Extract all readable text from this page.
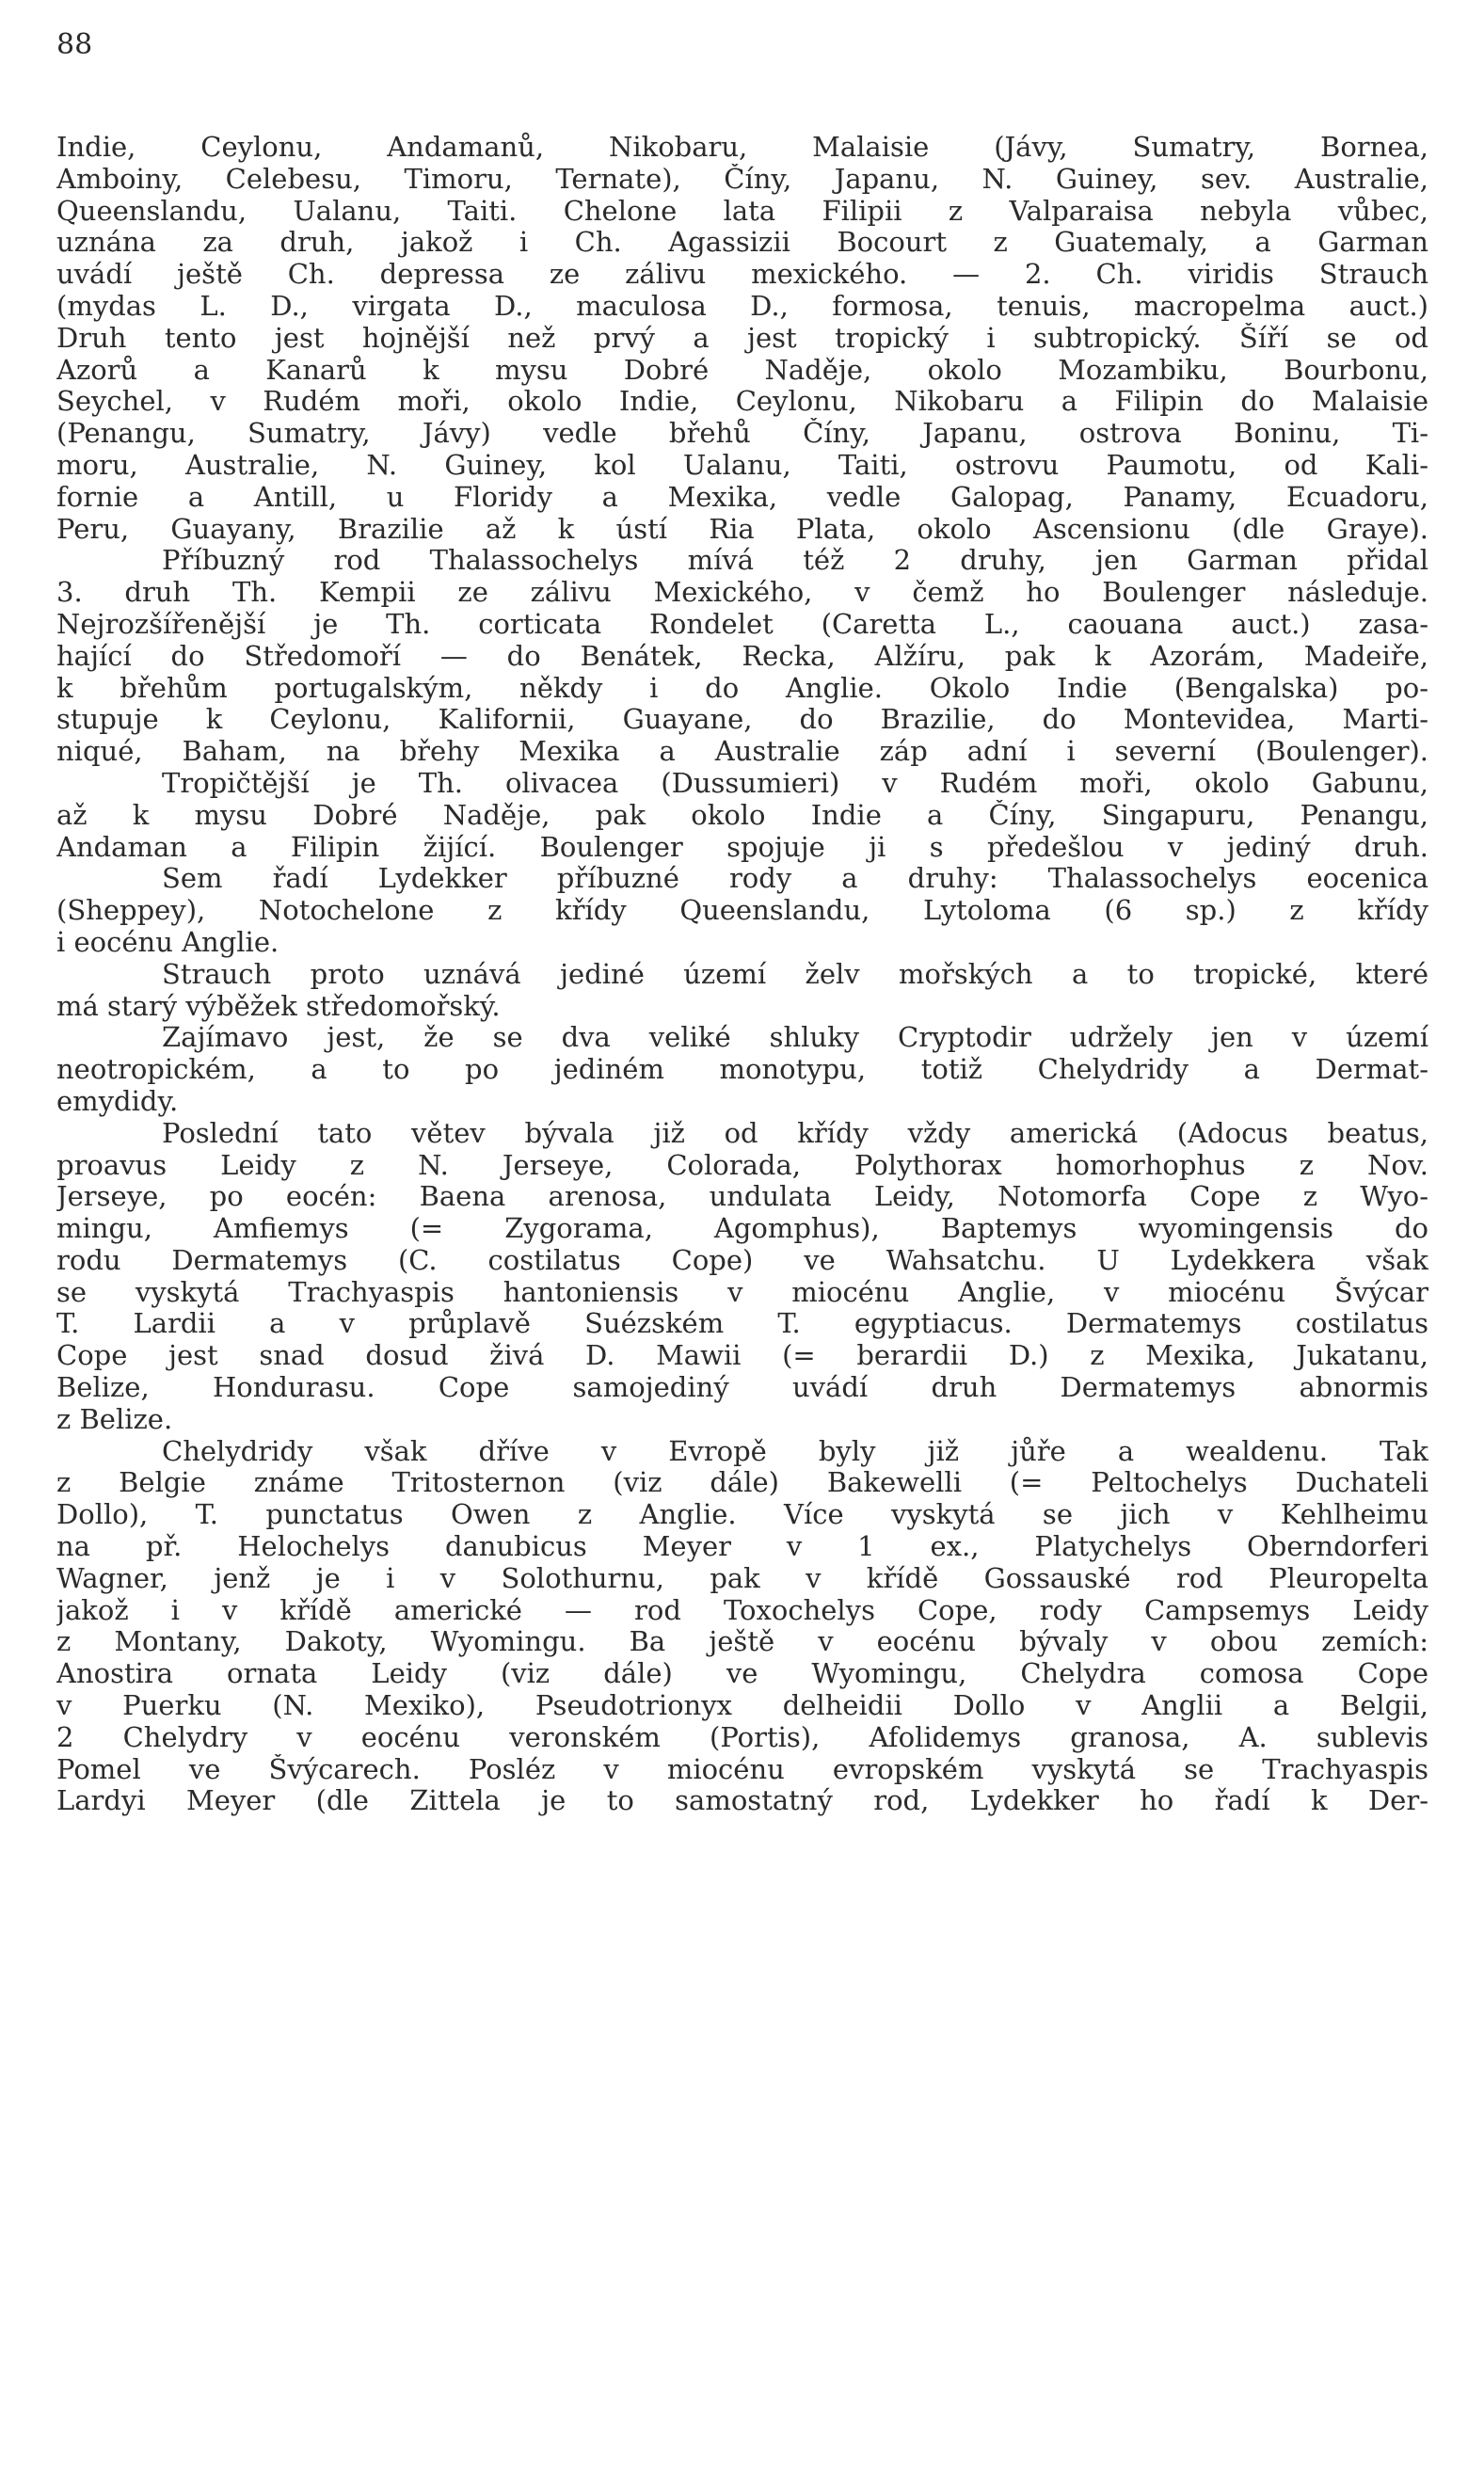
88
Indie, Ceylonu, Andamanů, Nikobaru, Malaisie (Jávy, Sumatry, Bornea,
Amboiny, Celebesu, Timoru, Ternate), Číny, Japanu, N. Guiney, sev. Australie,
Queenslandu, Ualanu, Taiti. Chelone lata Filipii z Valparaisa nebyla vůbec,
uznána za druh, jakož i Ch. Agassizii Bocourt z Guatemaly, a Garman
uvádí ještě Ch. depressa ze zálivu mexického. — 2. Ch. viridis Strauch
(mydas L. D., virgata D., maculosa D., formosa, tenuis, macropelma auct.)
Druh tento jest hojnější než prvý a jest tropický i subtropický. Šíří se od
Azorů a Kanarů k mysu Dobré Naděje, okolo Mozambiku, Bourbonu,
Seychel, v Rudém moři, okolo Indie, Ceylonu, Nikobaru a Filipin do Malaisie
(Penangu, Sumatry, Jávy) vedle břehů Číny, Japanu, ostrova Boninu, Ti-
moru, Australie, N. Guiney, kol Ualanu, Taiti, ostrovu Paumotu, od Kali-
fornie a Antill, u Floridy a Mexika, vedle Galopag, Panamy, Ecuadoru,
Peru, Guayany, Brazilie až k ústí Ria Plata, okolo Ascensionu (dle Graye).
Příbuzný rod Thalassochelys mívá též 2 druhy, jen Garman přidal
3. druh Th. Kempii ze zálivu Mexického, v čemž ho Boulenger následuje.
Nejrozšířenější je Th. corticata Rondelet (Caretta L., caouana auct.) zasa-
hající do Středomoří — do Benátek, Recka, Alžíru, pak k Azorám, Madeiře,
k břehům portugalským, někdy i do Anglie. Okolo Indie (Bengalska) po-
stupuje k Ceylonu, Kalifornii, Guayane, do Brazilie, do Montevidea, Marti-
niqué, Baham, na břehy Mexika a Australie záp adní i severní (Boulenger).
Tropičtější je Th. olivacea (Dussumieri) v Rudém moři, okolo Gabunu,
až k mysu Dobré Naděje, pak okolo Indie a Číny, Singapuru, Penangu,
Andaman a Filipin žijící. Boulenger spojuje ji s předešlou v jediný druh.
Sem řadí Lydekker příbuzné rody a druhy: Thalassochelys eocenica
(Sheppey), Notochelone z křídy Queenslandu, Lytoloma (6 sp.) z křídy
i eocénu Anglie.
Strauch proto uznává jediné území želv mořských a to tropické, které
má starý výběžek středomořský.
Zajímavo jest, že se dva veliké shluky Cryptodir udržely jen v území
neotropickém, a to po jediném monotypu, totiž Chelydridy a Dermat-
emydidy.
Poslední tato větev bývala již od křídy vždy americká (Adocus beatus,
proavus Leidy z N. Jerseye, Colorada, Polythorax homorhophus z Nov.
Jerseye, po eocén: Baena arenosa, undulata Leidy, Notomorfa Cope z Wyo-
mingu, Amfiemys (= Zygorama, Agomphus), Baptemys wyomingensis do
rodu Dermatemys (C. costilatus Cope) ve Wahsatchu. U Lydekkera však
se vyskytá Trachyaspis hantoniensis v miocénu Anglie, v miocénu Švýcar
T. Lardii a v průplavě Suézském T. egyptiacus. Dermatemys costilatus
Cope jest snad dosud živá D. Mawii (= berardii D.) z Mexika, Jukatanu,
Belize, Hondurasu. Cope samojediný uvádí druh Dermatemys abnormis
z Belize.
Chelydridy však dříve v Evropě byly již jůře a wealdenu. Tak
z Belgie známe Tritosternon (viz dále) Bakewelli (= Peltochelys Duchateli
Dollo), T. punctatus Owen z Anglie. Více vyskytá se jich v Kehlheimu
na př. Helochelys danubicus Meyer v 1 ex., Platychelys Oberndorferi
Wagner, jenž je i v Solothurnu, pak v křídě Gossauské rod Pleuropelta
jakož i v křídě americké — rod Toxochelys Cope, rody Campsemys Leidy
z Montany, Dakoty, Wyomingu. Ba ještě v eocénu bývaly v obou zemích:
Anostira ornata Leidy (viz dále) ve Wyomingu, Chelydra comosa Cope
v Puerku (N. Mexiko), Pseudotrionyx delheidii Dollo v Anglii a Belgii,
2 Chelydry v eocénu veronském (Portis), Afolidemys granosa, A. sublevis
Pomel ve Švýcarech. Posléz v miocénu evropském vyskytá se Trachyaspis
Lardyi Meyer (dle Zittela je to samostatný rod, Lydekker ho řadí k Der-
